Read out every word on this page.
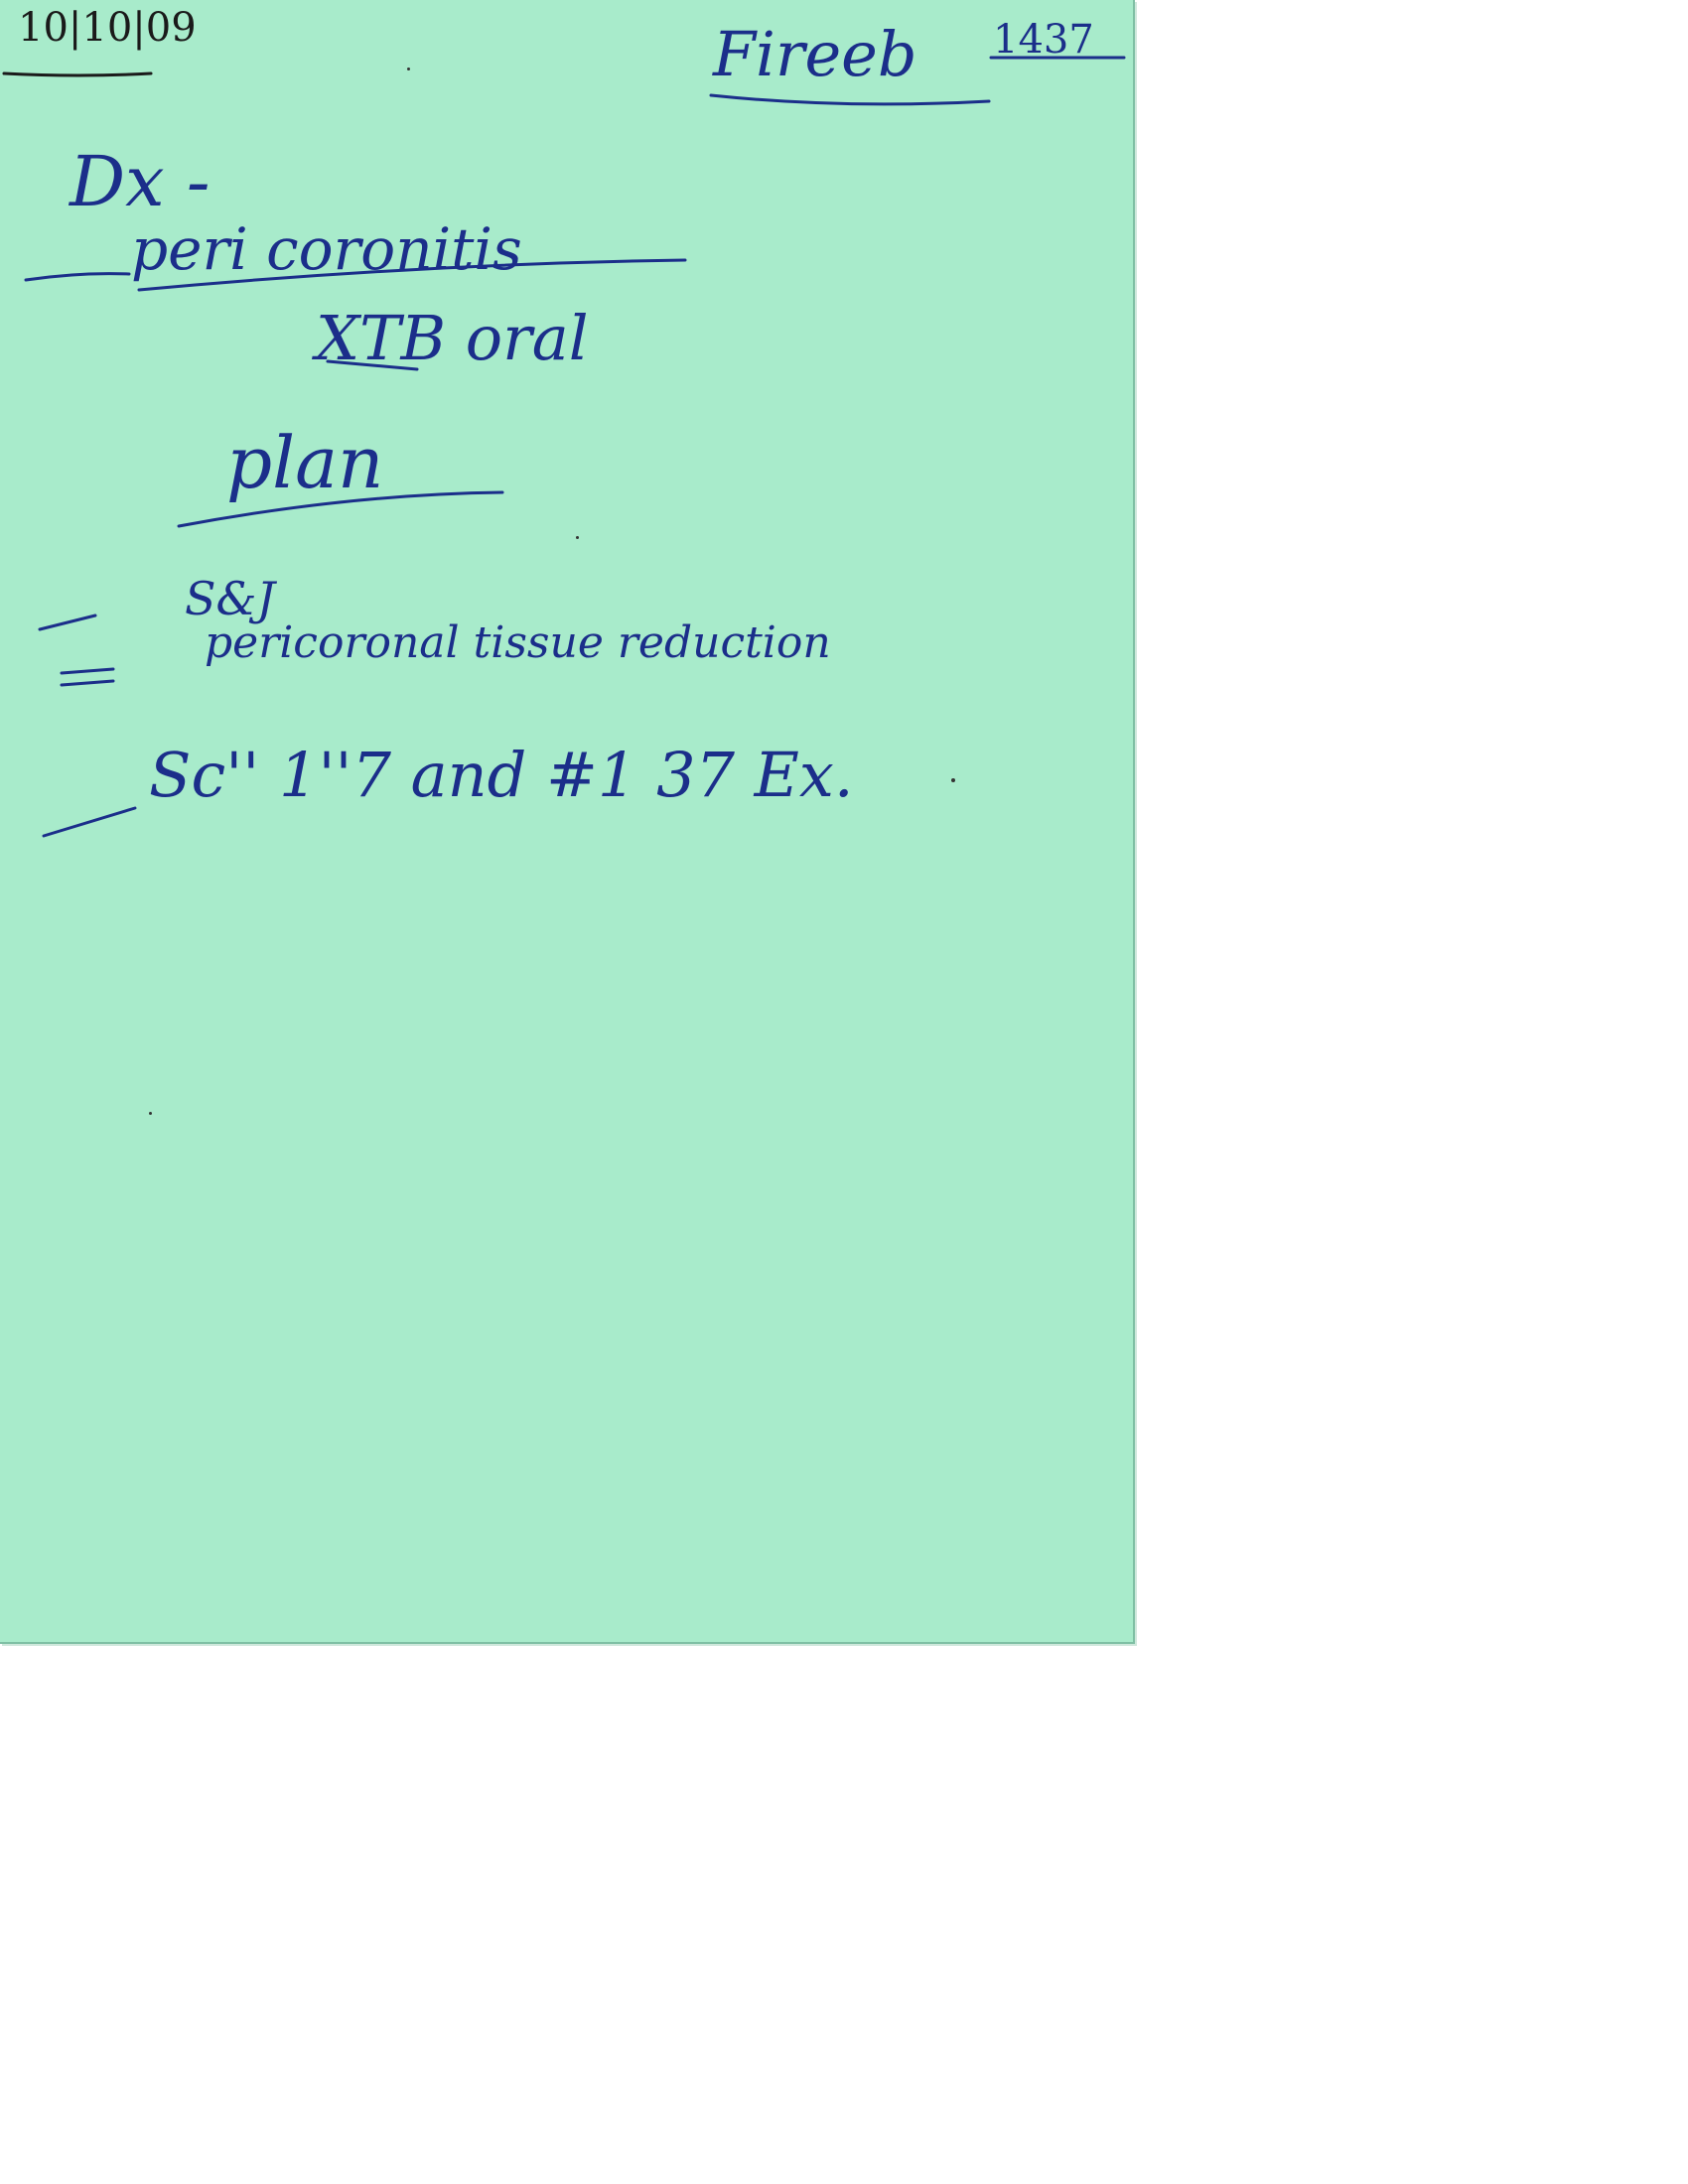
10|10|09	Fireeb 1437
Dx -
peri coronitis
XTB oral
plan
S&J
pericoronal tissue reduction
Sc'' 1''7 and #1 37 Ex.
